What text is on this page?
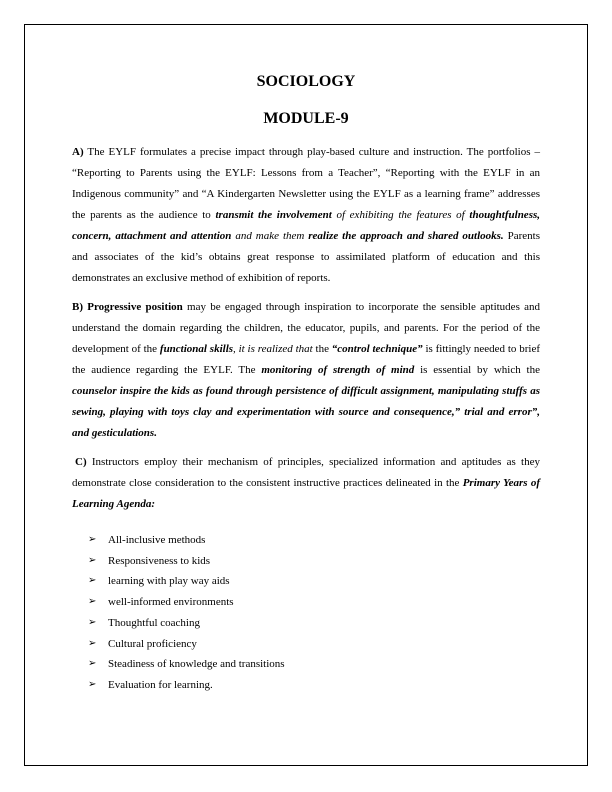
SOCIOLOGY
MODULE-9

A) The EYLF formulates a precise impact through play-based culture and instruction. The portfolios – “Reporting to Parents using the EYLF: Lessons from a Teacher”, “Reporting with the EYLF in an Indigenous community” and “A Kindergarten Newsletter using the EYLF as a learning frame” addresses the parents as the audience to transmit the involvement of exhibiting the features of thoughtfulness, concern, attachment and attention and make them realize the approach and shared outlooks. Parents and associates of the kid’s obtains great response to assimilated platform of education and this demonstrates an exclusive method of exhibition of reports.

B) Progressive position may be engaged through inspiration to incorporate the sensible aptitudes and understand the domain regarding the children, the educator, pupils, and parents. For the period of the development of the functional skills, it is realized that the “control technique” is fittingly needed to brief the audience regarding the EYLF. The monitoring of strength of mind is essential by which the counselor inspire the kids as found through persistence of difficult assignment, manipulating stuffs as sewing, playing with toys clay and experimentation with source and consequence,” trial and error”, and gesticulations.

C) Instructors employ their mechanism of principles, specialized information and aptitudes as they demonstrate close consideration to the consistent instructive practices delineated in the Primary Years of Learning Agenda:

➢	All-inclusive methods
➢	Responsiveness to kids
➢	learning with play way aids
➢	well-informed environments
➢	Thoughtful coaching
➢	Cultural proficiency
➢	Steadiness of knowledge and transitions
➢	Evaluation for learning.
